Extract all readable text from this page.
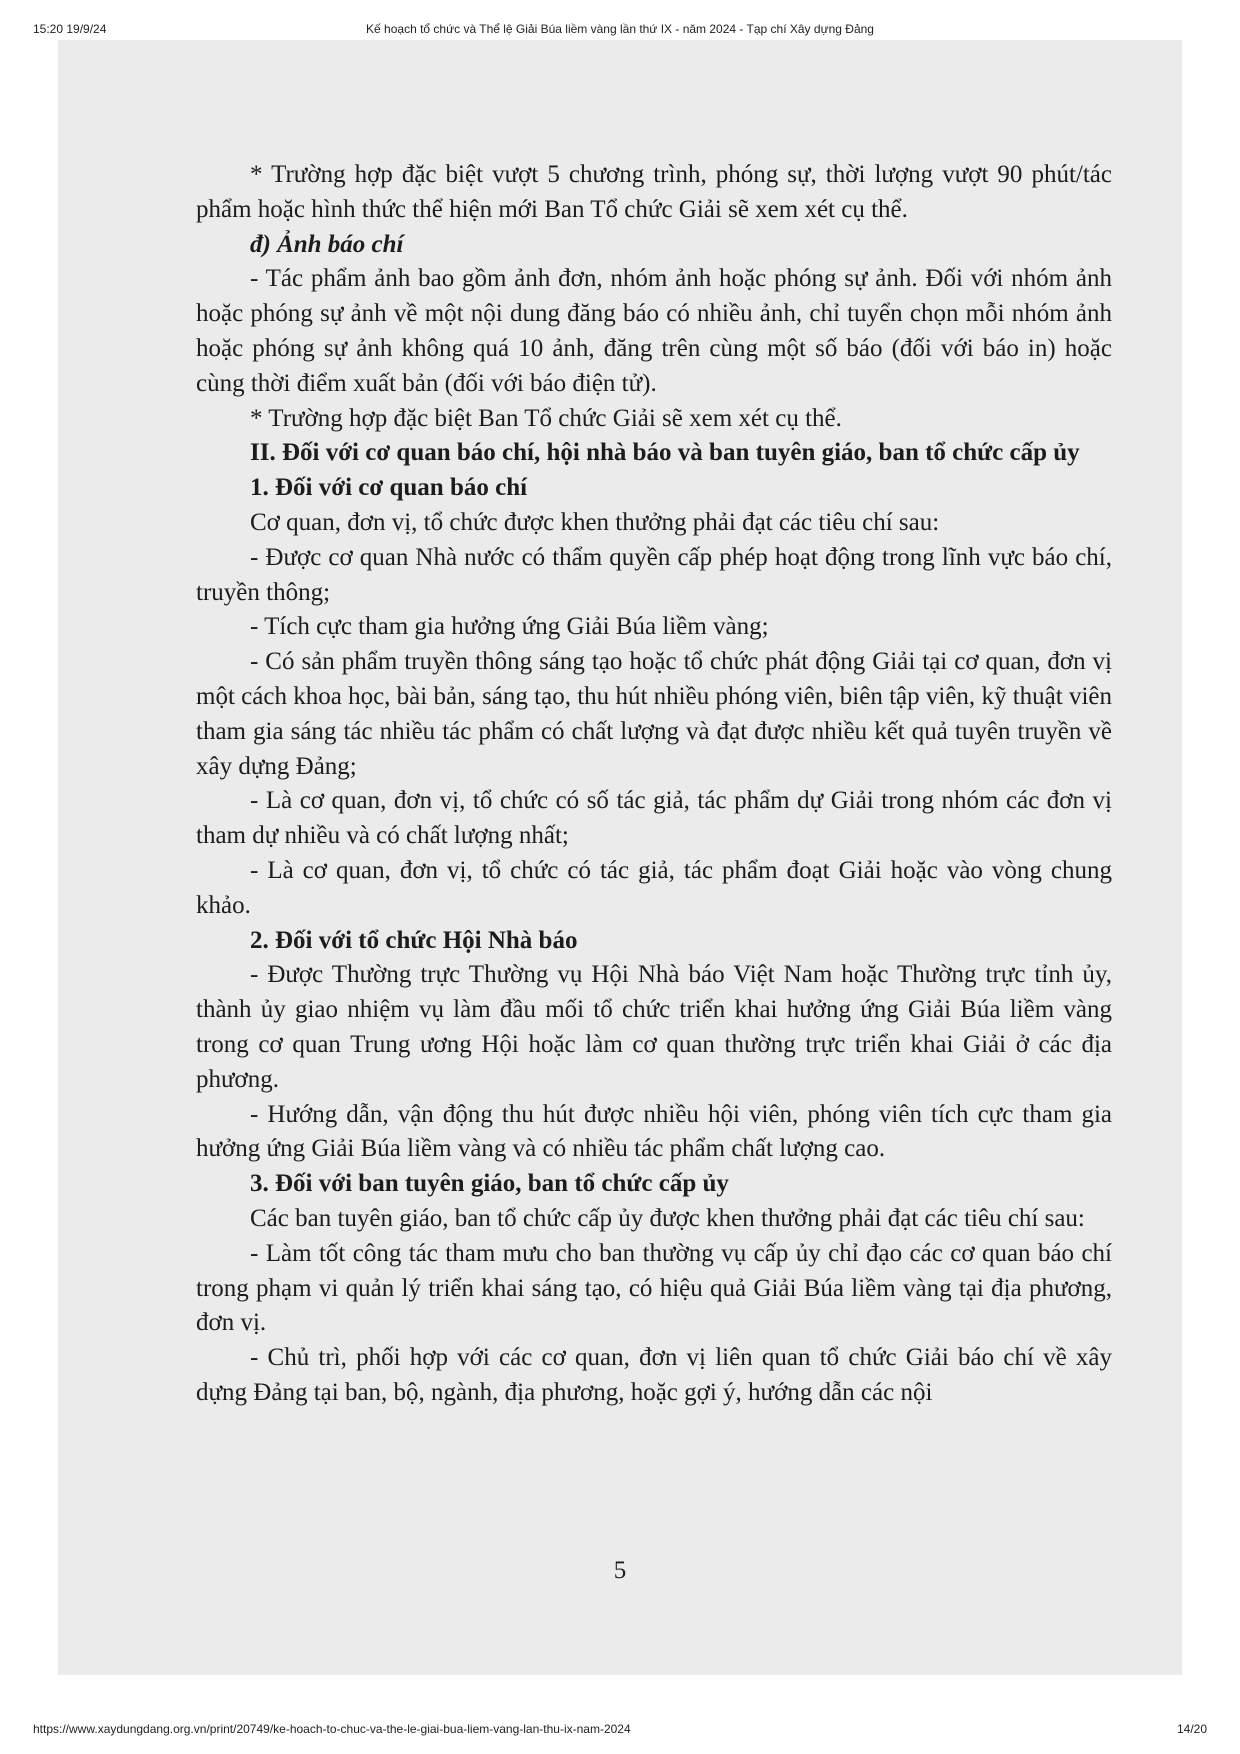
15:20 19/9/24	Kế hoạch tổ chức và Thể lệ Giải Búa liềm vàng lần thứ IX - năm 2024 - Tạp chí Xây dựng Đảng

* Trường hợp đặc biệt vượt 5 chương trình, phóng sự, thời lượng vượt 90 phút/tác phẩm hoặc hình thức thể hiện mới Ban Tổ chức Giải sẽ xem xét cụ thể.

đ) Ảnh báo chí

- Tác phẩm ảnh bao gồm ảnh đơn, nhóm ảnh hoặc phóng sự ảnh. Đối với nhóm ảnh hoặc phóng sự ảnh về một nội dung đăng báo có nhiều ảnh, chỉ tuyển chọn mỗi nhóm ảnh hoặc phóng sự ảnh không quá 10 ảnh, đăng trên cùng một số báo (đối với báo in) hoặc cùng thời điểm xuất bản (đối với báo điện tử).

* Trường hợp đặc biệt Ban Tổ chức Giải sẽ xem xét cụ thể.

II. Đối với cơ quan báo chí, hội nhà báo và ban tuyên giáo, ban tổ chức cấp ủy

1. Đối với cơ quan báo chí

Cơ quan, đơn vị, tổ chức được khen thưởng phải đạt các tiêu chí sau:

- Được cơ quan Nhà nước có thẩm quyền cấp phép hoạt động trong lĩnh vực báo chí, truyền thông;

- Tích cực tham gia hưởng ứng Giải Búa liềm vàng;

- Có sản phẩm truyền thông sáng tạo hoặc tổ chức phát động Giải tại cơ quan, đơn vị một cách khoa học, bài bản, sáng tạo, thu hút nhiều phóng viên, biên tập viên, kỹ thuật viên tham gia sáng tác nhiều tác phẩm có chất lượng và đạt được nhiều kết quả tuyên truyền về xây dựng Đảng;

- Là cơ quan, đơn vị, tổ chức có số tác giả, tác phẩm dự Giải trong nhóm các đơn vị tham dự nhiều và có chất lượng nhất;

- Là cơ quan, đơn vị, tổ chức có tác giả, tác phẩm đoạt Giải hoặc vào vòng chung khảo.

2. Đối với tổ chức Hội Nhà báo

- Được Thường trực Thường vụ Hội Nhà báo Việt Nam hoặc Thường trực tỉnh ủy, thành ủy giao nhiệm vụ làm đầu mối tổ chức triển khai hưởng ứng Giải Búa liềm vàng trong cơ quan Trung ương Hội hoặc làm cơ quan thường trực triển khai Giải ở các địa phương.

- Hướng dẫn, vận động thu hút được nhiều hội viên, phóng viên tích cực tham gia hưởng ứng Giải Búa liềm vàng và có nhiều tác phẩm chất lượng cao.

3. Đối với ban tuyên giáo, ban tổ chức cấp ủy

Các ban tuyên giáo, ban tổ chức cấp ủy được khen thưởng phải đạt các tiêu chí sau:

- Làm tốt công tác tham mưu cho ban thường vụ cấp ủy chỉ đạo các cơ quan báo chí trong phạm vi quản lý triển khai sáng tạo, có hiệu quả Giải Búa liềm vàng tại địa phương, đơn vị.

- Chủ trì, phối hợp với các cơ quan, đơn vị liên quan tổ chức Giải báo chí về xây dựng Đảng tại ban, bộ, ngành, địa phương, hoặc gợi ý, hướng dẫn các nội

5
https://www.xaydungdang.org.vn/print/20749/ke-hoach-to-chuc-va-the-le-giai-bua-liem-vang-lan-thu-ix-nam-2024	14/20
